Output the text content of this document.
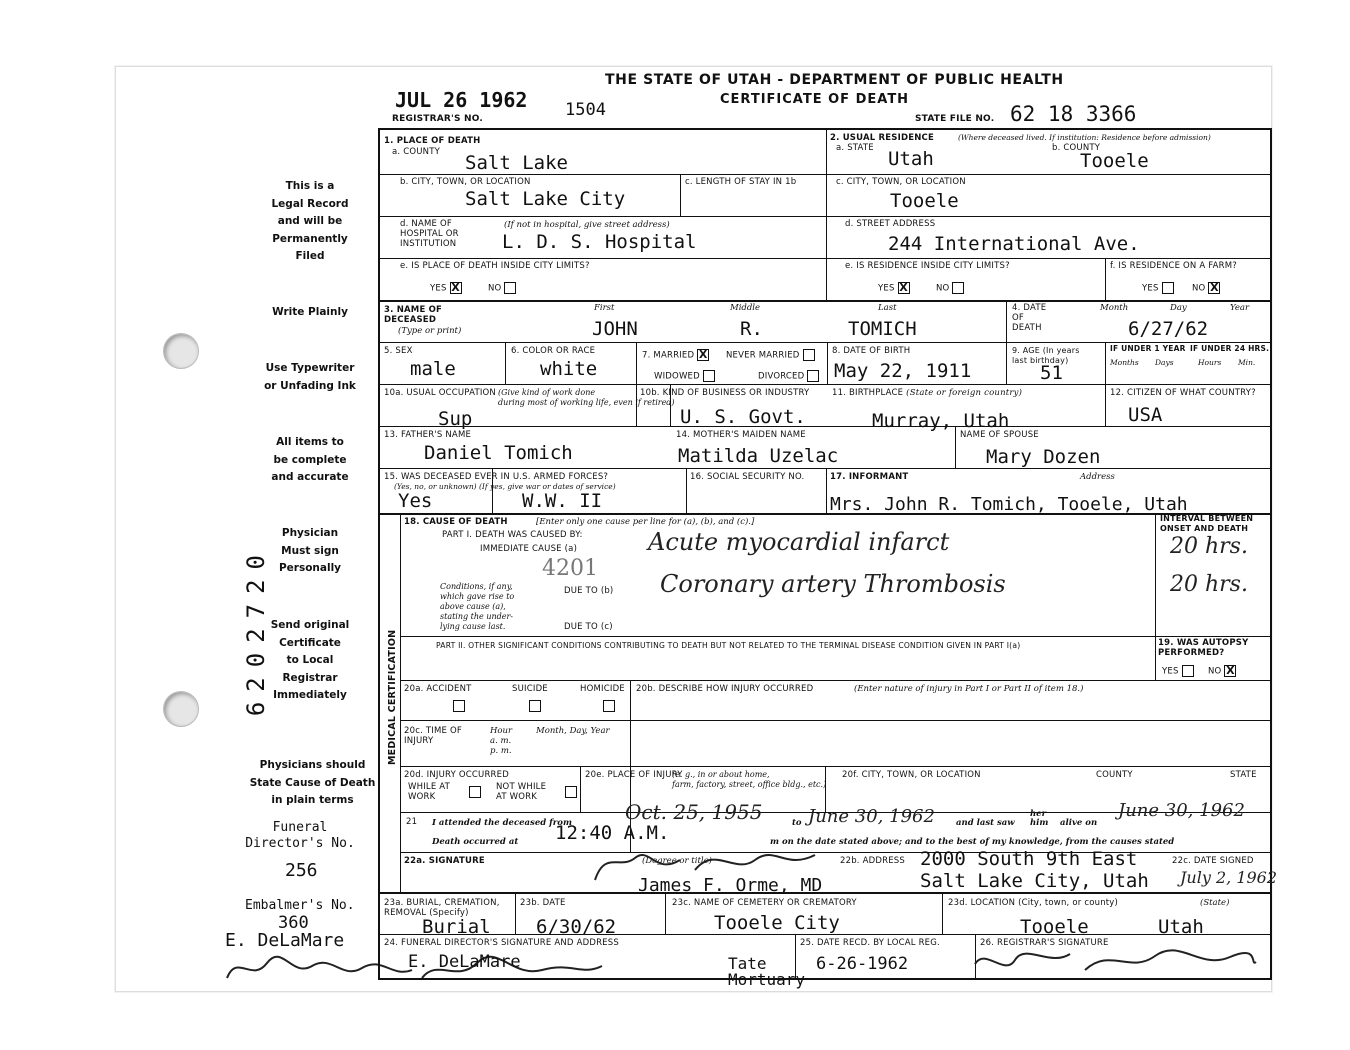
JUL 26 1962
REGISTRAR'S NO.	1504
THE STATE OF UTAH - DEPARTMENT OF PUBLIC HEALTH
CERTIFICATE OF DEATH
STATE FILE NO. 62 18 3366
This is a
Legal Record
and will be
Permanently
Filed
Write Plainly
Use Typewriter
or Unfading Ink
All items to
be complete
and accurate
Physician
Must sign
Personally
Send original
Certificate
to Local
Registrar
Immediately
Physicians should
State Cause of Death
in plain terms
6202720
Funeral
Director's No.
256
Embalmer's No.
360
E. DeLaMare
1. PLACE OF DEATH
a. COUNTY Salt Lake
2. USUAL RESIDENCE	(Where deceased lived. If institution: Residence before admission)
a. STATE	b. COUNTY
Utah	Tooele
b. CITY, TOWN, OR LOCATION
Salt Lake City
c. LENGTH OF STAY IN 1b	c. CITY, TOWN, OR LOCATION
Tooele
d. NAME OF
HOSPITAL OR
INSTITUTION
(If not in hospital, give street address)
L. D. S. Hospital
d. STREET ADDRESS
244 International Ave.
e. IS PLACE OF DEATH INSIDE CITY LIMITS?
YES X	NO
e. IS RESIDENCE INSIDE CITY LIMITS?
YES X	NO
f. IS RESIDENCE ON A FARM?
YES	NO X
3. NAME OF
DECEASED
(Type or print)
First	Middle	Last
JOHN	R.	TOMICH
4. DATE
OF
DEATH
Month	Day	Year
6/27/62
5. SEX
male
6. COLOR OR RACE
white
7. MARRIED X NEVER MARRIED
WIDOWED	DIVORCED
8. DATE OF BIRTH
May 22, 1911
9. AGE (In years
last birthday)
51
IF UNDER 1 YEAR IF UNDER 24 HRS.
Months Days	Hours Min.
10a. USUAL OCCUPATION (Give kind of work done
during most of working life, even if retired)
Sup
10b. KIND OF BUSINESS OR INDUSTRY
U. S. Govt.
11. BIRTHPLACE (State or foreign country)
Murray, Utah
12. CITIZEN OF WHAT COUNTRY?
USA
13. FATHER'S NAME
Daniel Tomich
14. MOTHER'S MAIDEN NAME
Matilda Uzelac
NAME OF SPOUSE
Mary Dozen
15. WAS DECEASED EVER IN U.S. ARMED FORCES?
(Yes, no, or unknown) (If yes, give war or dates of service)
Yes	W.W. II
16. SOCIAL SECURITY NO.	17. INFORMANT	Address
Mrs. John R. Tomich, Tooele, Utah
MEDICAL CERTIFICATION
18. CAUSE OF DEATH	[Enter only one cause per line for (a), (b), and (c).]
PART I. DEATH WAS CAUSED BY:
IMMEDIATE CAUSE (a)	Acute myocardial infarct
Conditions, if any,
which gave rise to
above cause (a),
stating the under-
lying cause last.
4201
DUE TO (b) Coronary artery Thrombosis
DUE TO (c)
INTERVAL BETWEEN
ONSET AND DEATH
20 hrs.
20 hrs.
PART II. OTHER SIGNIFICANT CONDITIONS CONTRIBUTING TO DEATH BUT NOT RELATED TO THE TERMINAL DISEASE CONDITION GIVEN IN PART I(a)	19. WAS AUTOPSY
PERFORMED?
YES	NO X
20a. ACCIDENT	SUICIDE	HOMICIDE 20b. DESCRIBE HOW INJURY OCCURRED	(Enter nature of injury in Part I or Part II of item 18.)
20c. TIME OF
INJURY
Hour
a. m.
p. m.
Month, Day, Year
20d. INJURY OCCURRED
WHILE AT
WORK
NOT WHILE
AT WORK
20e. PLACE OF INJURY
(e. g., in or about home,
farm, factory, street, office bldg., etc.)
20f. CITY, TOWN, OR LOCATION	COUNTY	STATE
21 I attended the deceased from	Oct. 25, 1955	to June 30, 1962 and last saw
her
him alive on
June 30, 1962
Death occurred at 12:40 A.M.	m on the date stated above; and to the best of my knowledge, from the causes stated
22a. SIGNATURE	(Degree or title)
James F. Orme, MD
22b. ADDRESS 2000 South 9th East
Salt Lake City, Utah
22c. DATE SIGNED
July 2, 1962
23a. BURIAL, CREMATION,
REMOVAL (Specify)
Burial
23b. DATE
6/30/62
23c. NAME OF CEMETERY OR CREMATORY
Tooele City
23d. LOCATION (City, town, or county)	(State)
Tooele	Utah
24. FUNERAL DIRECTOR'S SIGNATURE AND ADDRESS
E. DeLaMare	Tate
Mortuary
25. DATE RECD. BY LOCAL REG.
6-26-1962
26. REGISTRAR'S SIGNATURE
